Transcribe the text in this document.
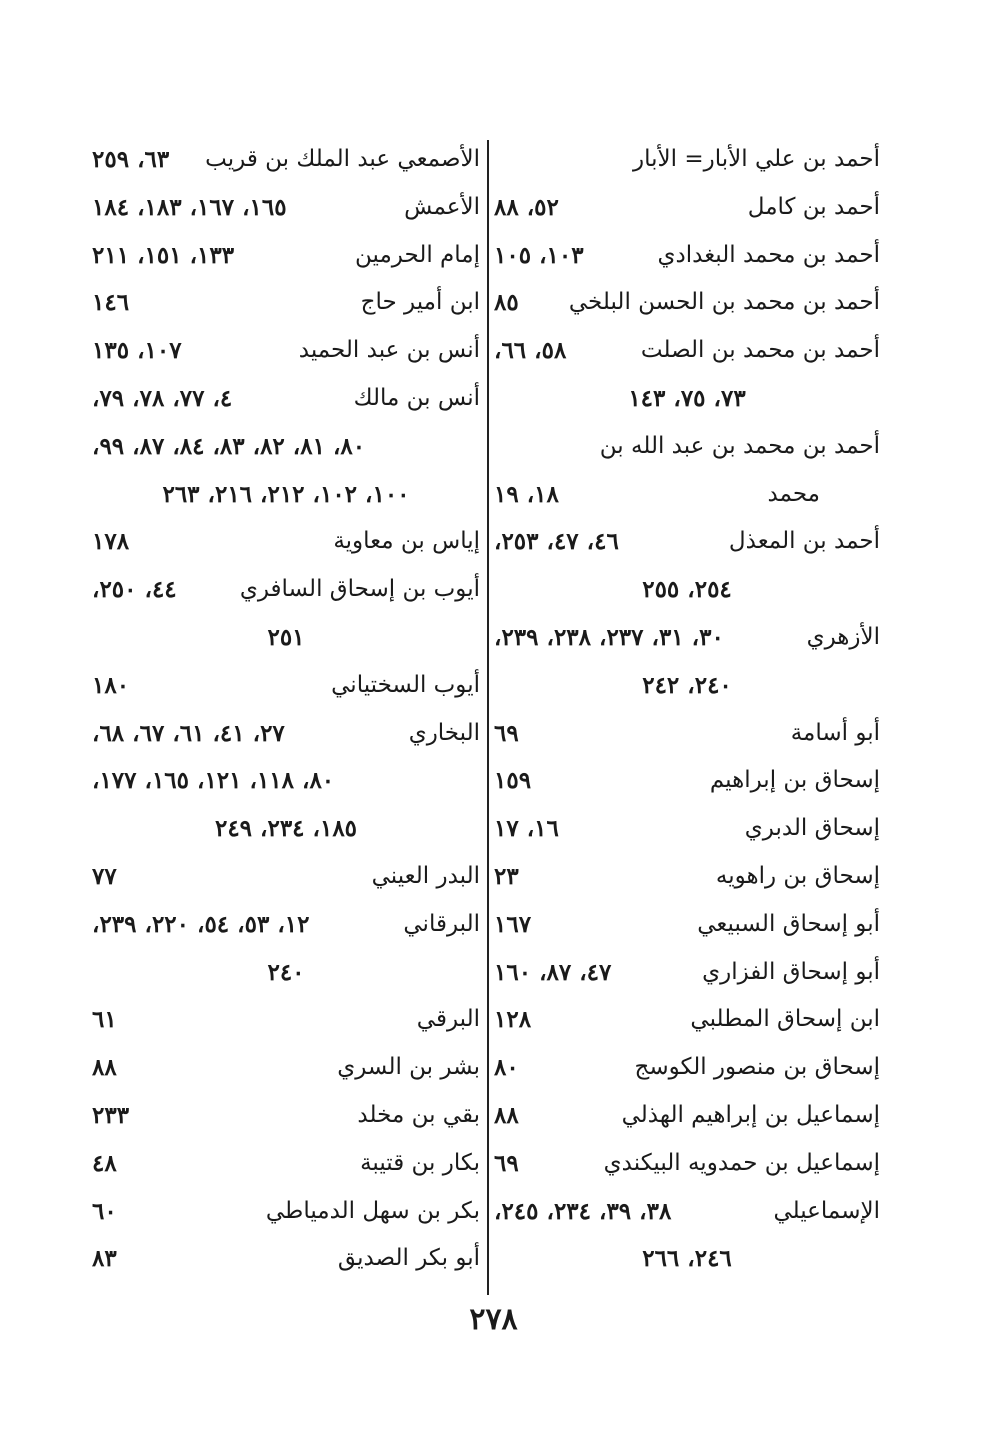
أحمد بن علي الأبار= الأبار
أحمد بن كامل
٥٢، ٨٨
أحمد بن محمد البغدادي
١٠٣، ١٠٥
أحمد بن محمد بن الحسن البلخي
٨٥
أحمد بن محمد بن الصلت
٥٨، ٦٦،
٧٣، ٧٥، ١٤٣
أحمد بن محمد بن عبد الله بن
محمد
١٨، ١٩
أحمد بن المعذل
٤٦، ٤٧، ٢٥٣،
٢٥٤، ٢٥٥
الأزهري
٣٠، ٣١، ٢٣٧، ٢٣٨، ٢٣٩،
٢٤٠، ٢٤٢
أبو أسامة
٦٩
إسحاق بن إبراهيم
١٥٩
إسحاق الدبري
١٦، ١٧
إسحاق بن راهويه
٢٣
أبو إسحاق السبيعي
١٦٧
أبو إسحاق الفزاري
٤٧، ٨٧، ١٦٠
ابن إسحاق المطلبي
١٢٨
إسحاق بن منصور الكوسج
٨٠
إسماعيل بن إبراهيم الهذلي
٨٨
إسماعيل بن حمدويه البيكندي
٦٩
الإسماعيلي
٣٨، ٣٩، ٢٣٤، ٢٤٥،
٢٤٦، ٢٦٦
الأصمعي عبد الملك بن قريب
٦٣، ٢٥٩
الأعمش
١٦٥، ١٦٧، ١٨٣، ١٨٤
إمام الحرمين
١٣٣، ١٥١، ٢١١
ابن أمير حاج
١٤٦
أنس بن عبد الحميد
١٠٧، ١٣٥
أنس بن مالك
٤، ٧٧، ٧٨، ٧٩،
٨٠، ٨١، ٨٢، ٨٣، ٨٤، ٨٧، ٩٩،
١٠٠، ١٠٢، ٢١٢، ٢١٦، ٢٦٣
إياس بن معاوية
١٧٨
أيوب بن إسحاق السافري
٤٤، ٢٥٠،
٢٥١
أيوب السختياني
١٨٠
البخاري
٢٧، ٤١، ٦١، ٦٧، ٦٨،
٨٠، ١١٨، ١٢١، ١٦٥، ١٧٧،
١٨٥، ٢٣٤، ٢٤٩
البدر العيني
٧٧
البرقاني
١٢، ٥٣، ٥٤، ٢٢٠، ٢٣٩،
٢٤٠
البرقي
٦١
بشر بن السري
٨٨
بقي بن مخلد
٢٣٣
بكار بن قتيبة
٤٨
بكر بن سهل الدمياطي
٦٠
أبو بكر الصديق
٨٣
٢٧٨
